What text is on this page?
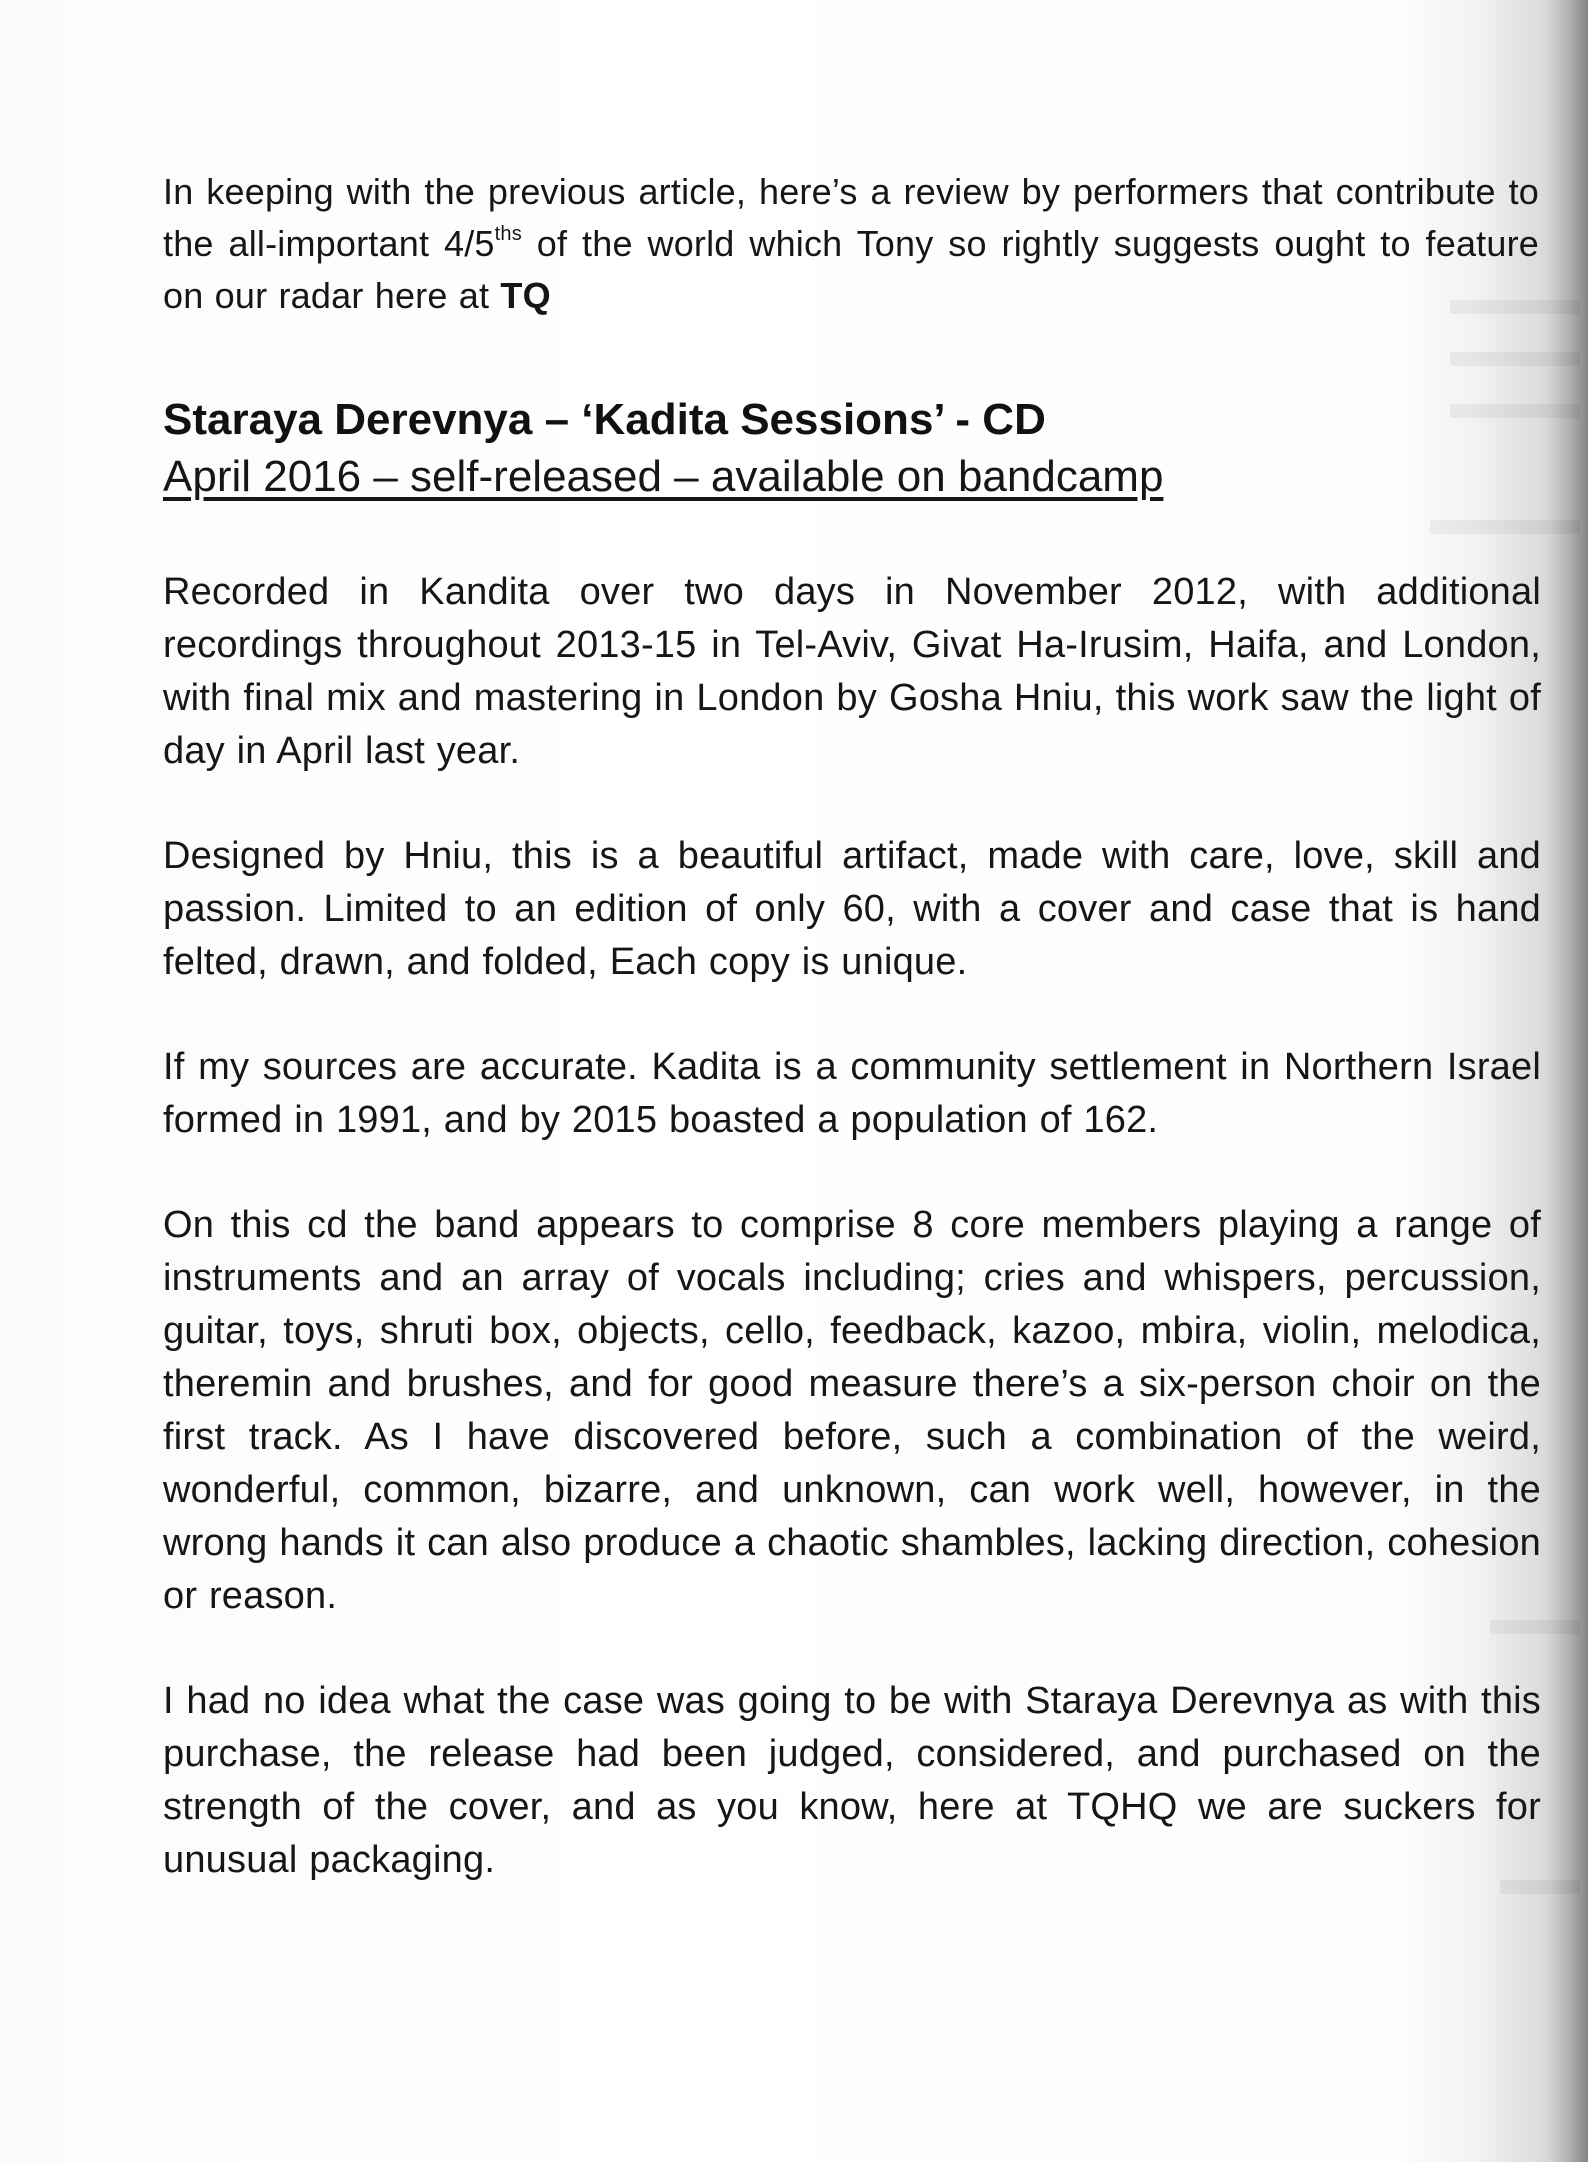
In keeping with the previous article, here’s a review by performers that contribute to the all-important $4/5^{ths}$ of the world which Tony so rightly suggests ought to feature on our radar here at TQ

Staraya Derevnya – ‘Kadita Sessions’ - CD
April 2016 – self-released – available on bandcamp

Recorded in Kandita over two days in November 2012, with additional recordings throughout 2013-15 in Tel-Aviv, Givat Ha-Irusim, Haifa, and London, with final mix and mastering in London by Gosha Hniu, this work saw the light of day in April last year.

Designed by Hniu, this is a beautiful artifact, made with care, love, skill and passion. Limited to an edition of only 60, with a cover and case that is hand felted, drawn, and folded, Each copy is unique.

If my sources are accurate. Kadita is a community settlement in Northern Israel formed in 1991, and by 2015 boasted a population of 162.

On this cd the band appears to comprise 8 core members playing a range of instruments and an array of vocals including; cries and whispers, percussion, guitar, toys, shruti box, objects, cello, feedback, kazoo, mbira, violin, melodica, theremin and brushes, and for good measure there’s a six-person choir on the first track. As I have discovered before, such a combination of the weird, wonderful, common, bizarre, and unknown, can work well, however, in the wrong hands it can also produce a chaotic shambles, lacking direction, cohesion or reason.

I had no idea what the case was going to be with Staraya Derevnya as with this purchase, the release had been judged, considered, and purchased on the strength of the cover, and as you know, here at TQHQ we are suckers for unusual packaging.
